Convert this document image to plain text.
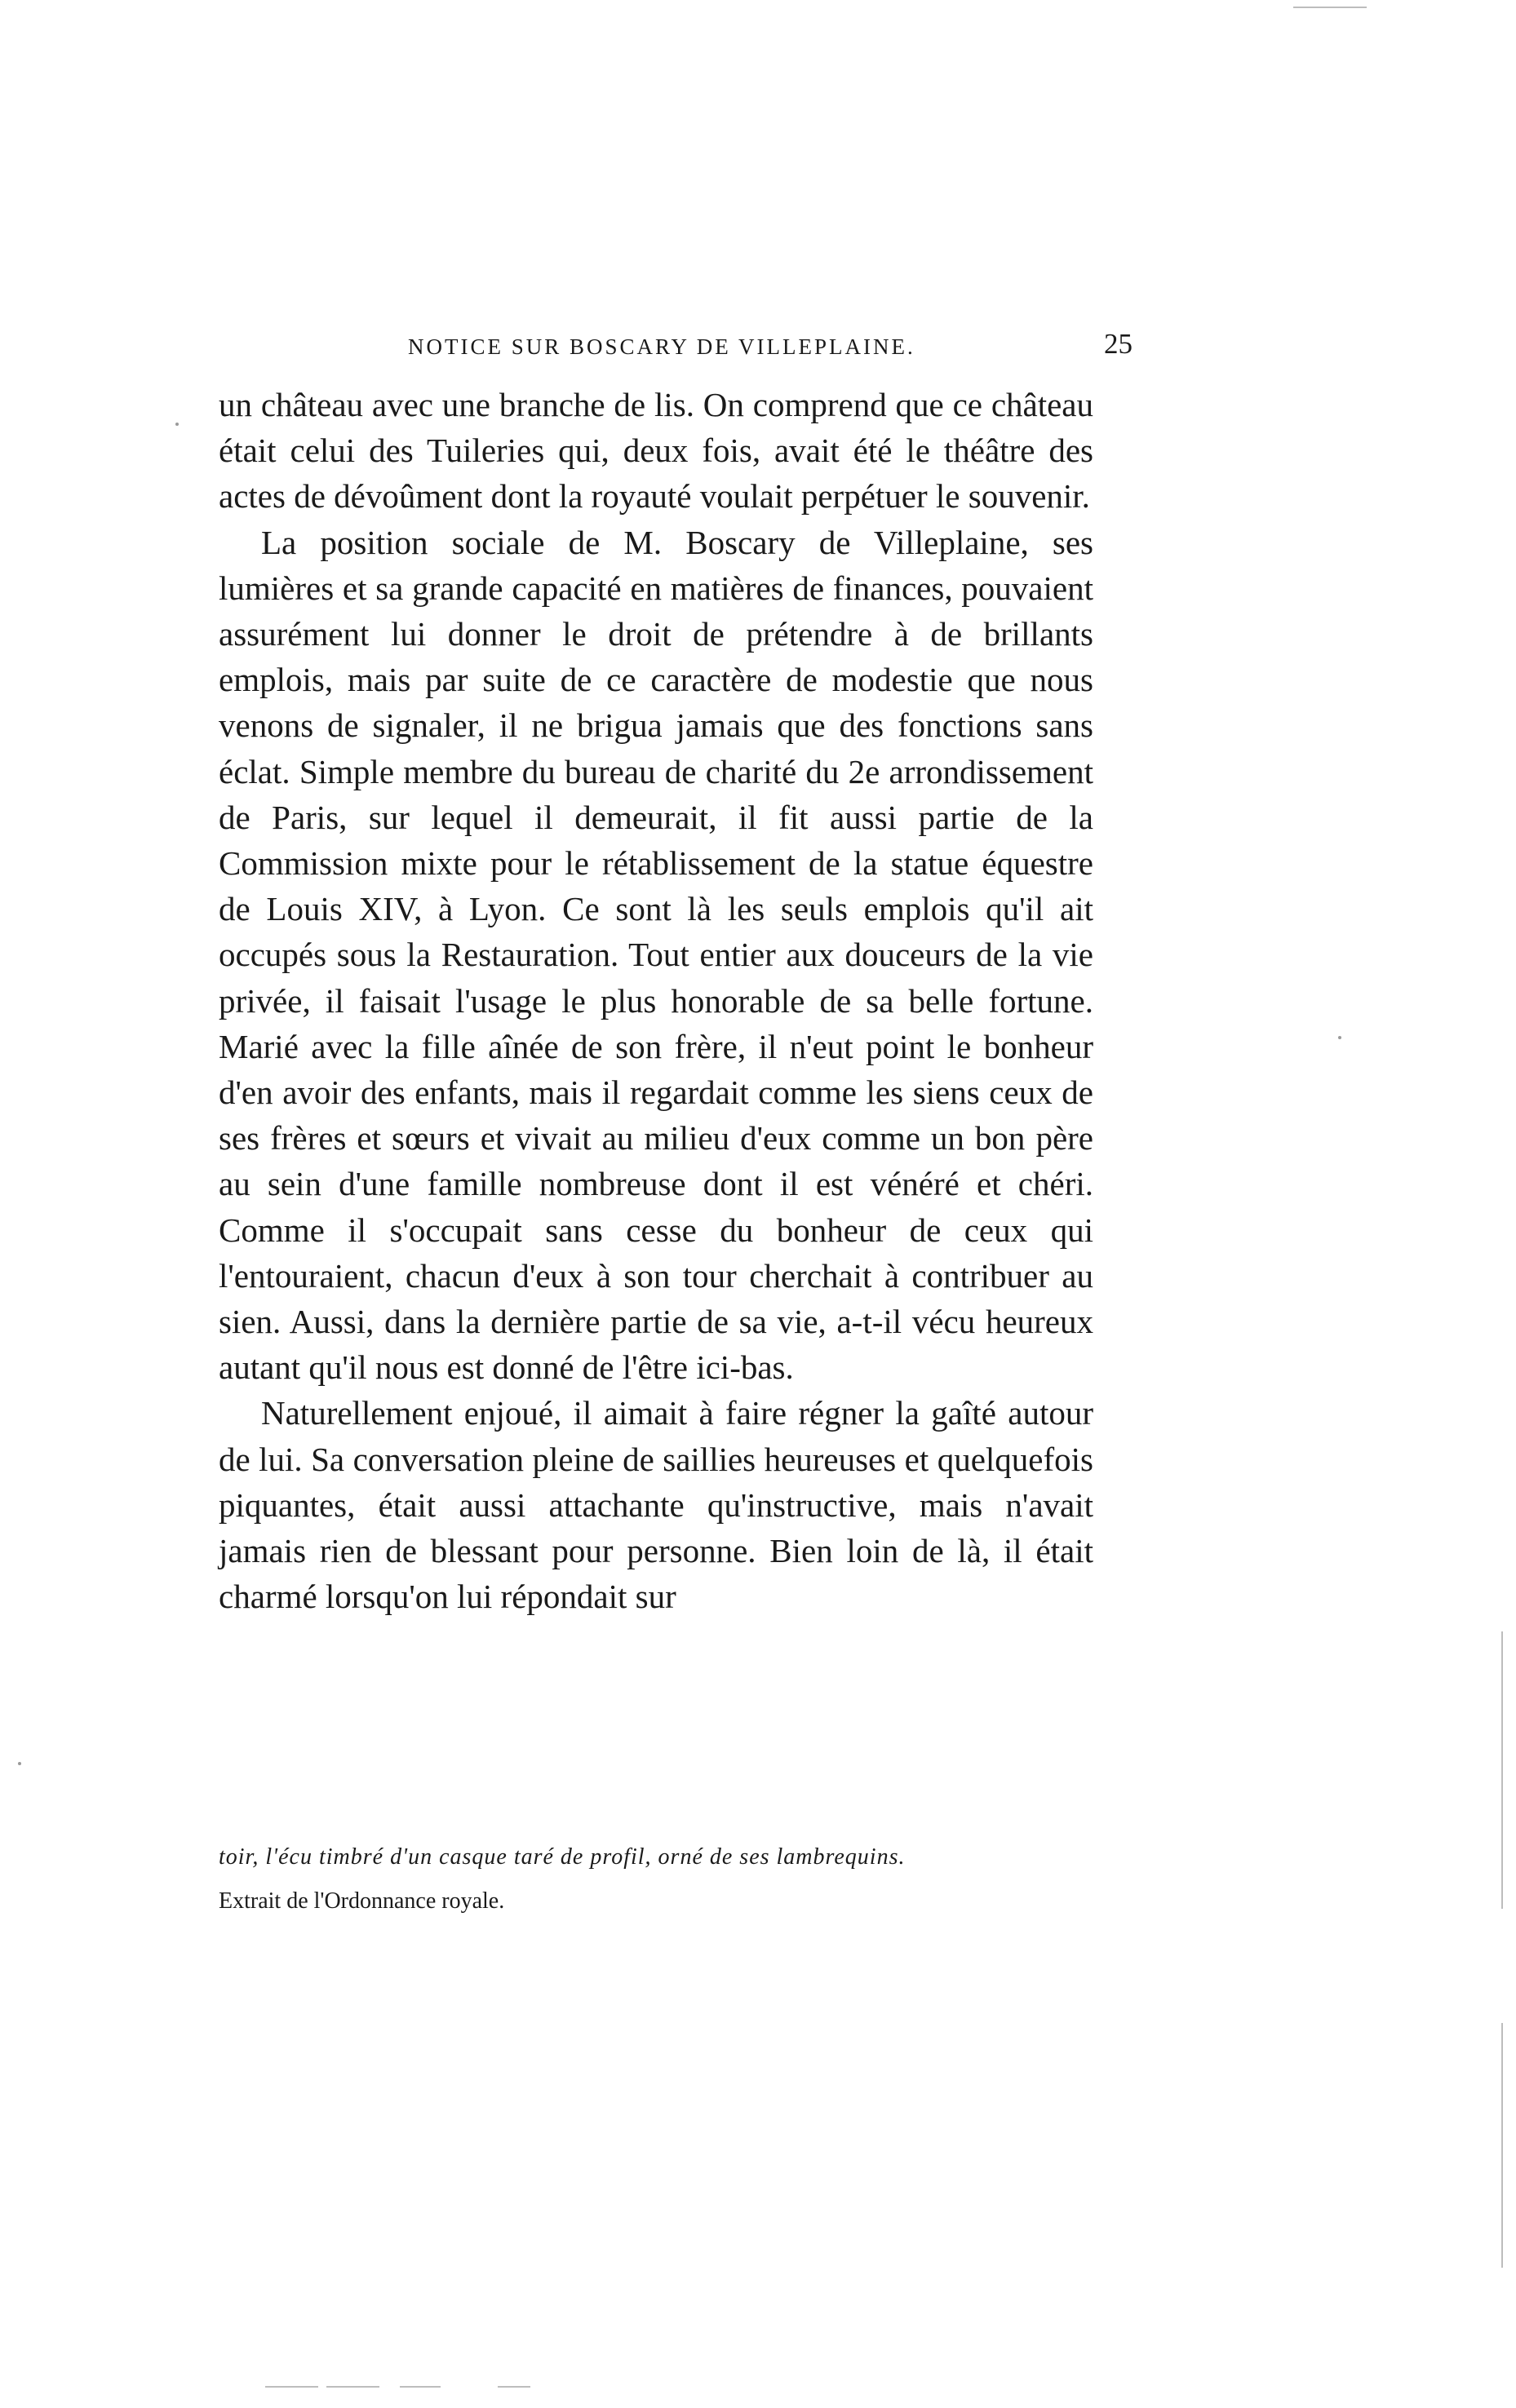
NOTICE SUR BOSCARY DE VILLEPLAINE.	25

un château avec une branche de lis. On comprend que ce château était celui des Tuileries qui, deux fois, avait été le théâtre des actes de dévoûment dont la royauté voulait perpétuer le souvenir.

La position sociale de M. Boscary de Villeplaine, ses lumières et sa grande capacité en matières de finances, pouvaient assurément lui donner le droit de prétendre à de brillants emplois, mais par suite de ce caractère de modestie que nous venons de signaler, il ne brigua jamais que des fonctions sans éclat. Simple membre du bureau de charité du 2e arrondissement de Paris, sur lequel il demeurait, il fit aussi partie de la Commission mixte pour le rétablissement de la statue équestre de Louis XIV, à Lyon. Ce sont là les seuls emplois qu'il ait occupés sous la Restauration. Tout entier aux douceurs de la vie privée, il faisait l'usage le plus honorable de sa belle fortune. Marié avec la fille aînée de son frère, il n'eut point le bonheur d'en avoir des enfants, mais il regardait comme les siens ceux de ses frères et sœurs et vivait au milieu d'eux comme un bon père au sein d'une famille nombreuse dont il est vénéré et chéri. Comme il s'occupait sans cesse du bonheur de ceux qui l'entouraient, chacun d'eux à son tour cherchait à contribuer au sien. Aussi, dans la dernière partie de sa vie, a-t-il vécu heureux autant qu'il nous est donné de l'être ici-bas.

Naturellement enjoué, il aimait à faire régner la gaîté autour de lui. Sa conversation pleine de saillies heureuses et quelquefois piquantes, était aussi attachante qu'instructive, mais n'avait jamais rien de blessant pour personne. Bien loin de là, il était charmé lorsqu'on lui répondait sur

toir, l'écu timbré d'un casque taré de profil, orné de ses lambrequins.

Extrait de l'Ordonnance royale.
